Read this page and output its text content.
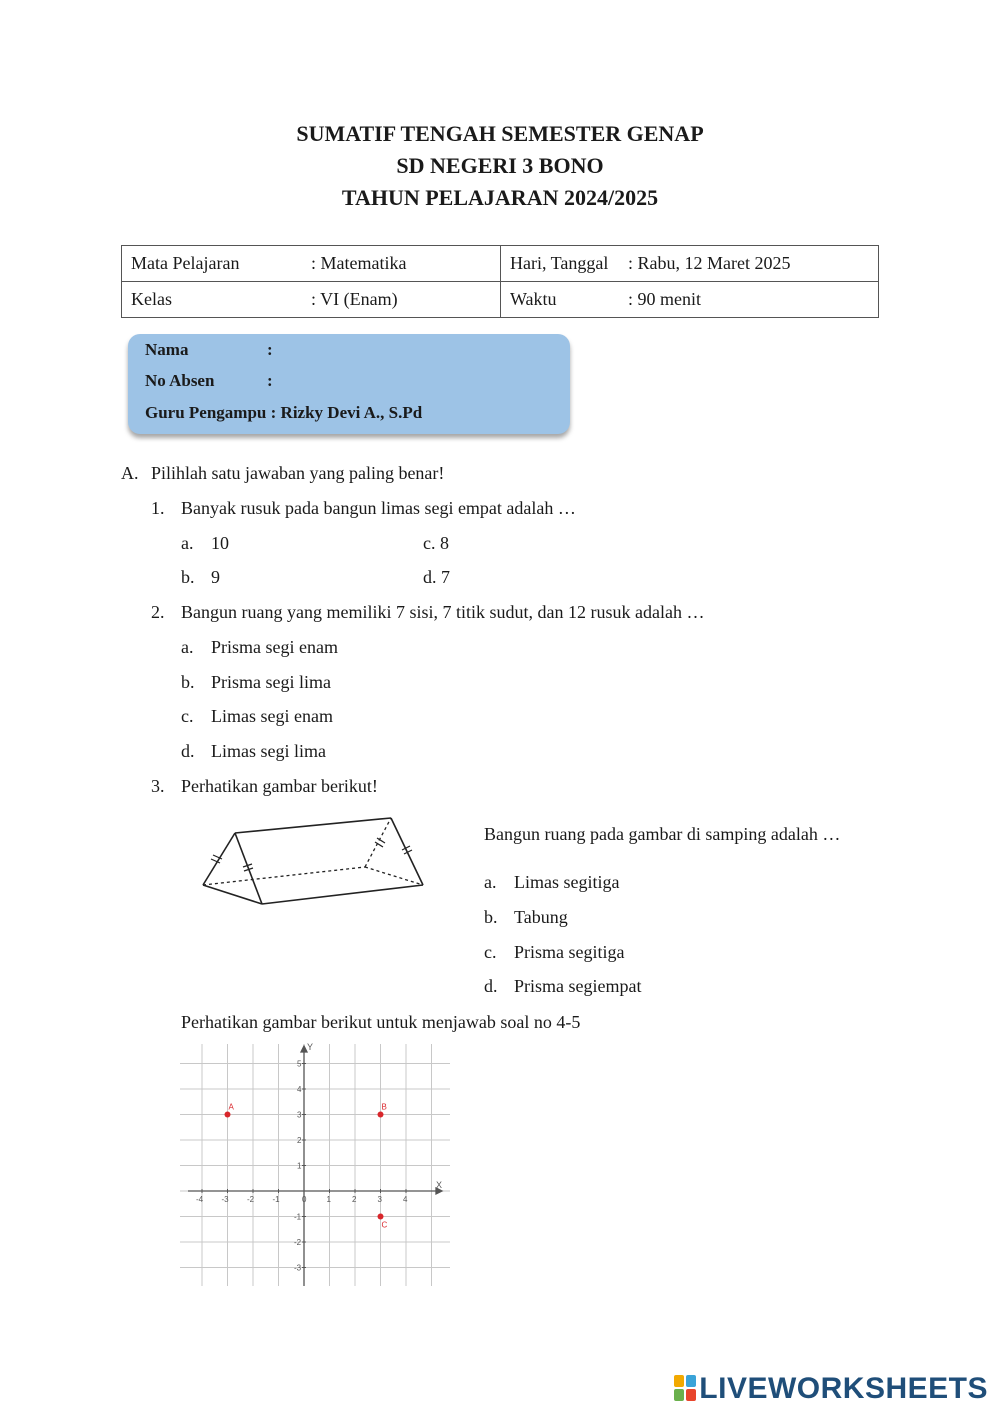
SUMATIF TENGAH SEMESTER GENAP
SD NEGERI 3 BONO
TAHUN PELAJARAN 2024/2025
Mata Pelajaran : Matematika	Hari, Tanggal : Rabu, 12 Maret 2025
Kelas : VI (Enam)	Waktu : 90 menit
Nama	:
No Absen	:
Guru Pengampu : Rizky Devi A., S.Pd
A. Pilihlah satu jawaban yang paling benar!
1. Banyak rusuk pada bangun limas segi empat adalah …
a. 10
b. 9
c. 8
d. 7
2. Bangun ruang yang memiliki 7 sisi, 7 titik sudut, dan 12 rusuk adalah …
a. Prisma segi enam
b. Prisma segi lima
c. Limas segi enam
d. Limas segi lima
3. Perhatikan gambar berikut!
Bangun ruang pada gambar di samping adalah …
a. Limas segitiga
b. Tabung
c. Prisma segitiga
d. Prisma segiempat
Perhatikan gambar berikut untuk menjawab soal no 4-5
X
Y
-4 -3 -2 -1	0	1	2	3	4
5
4
3
2
1
-1
-2
-3
A	B
C
LIVEWORKSHEETS
